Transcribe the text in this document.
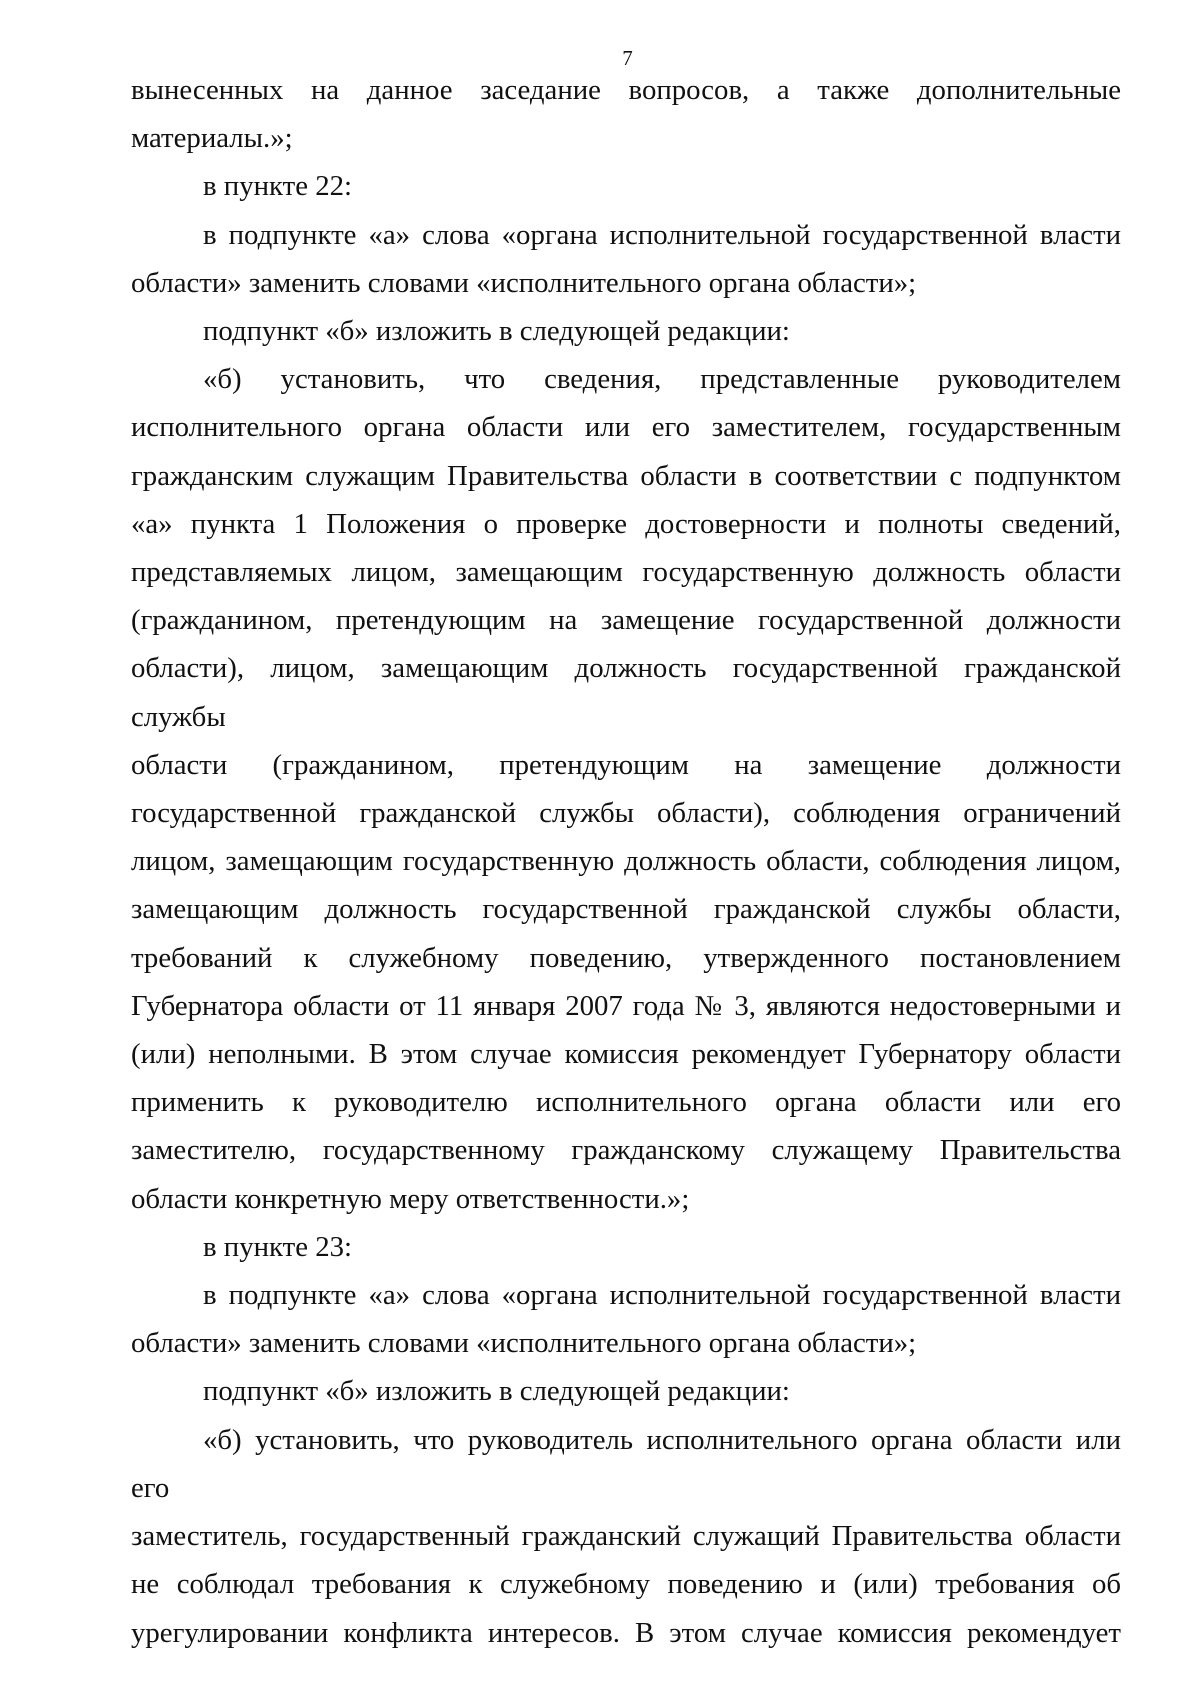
7

вынесенных на данное заседание вопросов, а также дополнительные

материалы.»;

в пункте 22:

в подпункте «а» слова «органа исполнительной государственной власти

области» заменить словами «исполнительного органа области»;

подпункт «б» изложить в следующей редакции:

«б) установить, что сведения, представленные руководителем

исполнительного органа области или его заместителем, государственным

гражданским служащим Правительства области в соответствии с подпунктом

«а» пункта 1 Положения о проверке достоверности и полноты сведений,

представляемых лицом, замещающим государственную должность области

(гражданином, претендующим на замещение государственной должности

области), лицом, замещающим должность государственной гражданской службы

области (гражданином, претендующим на замещение должности

государственной гражданской службы области), соблюдения ограничений

лицом, замещающим государственную должность области, соблюдения лицом,

замещающим должность государственной гражданской службы области,

требований к служебному поведению, утвержденного постановлением

Губернатора области от 11 января 2007 года № 3, являются недостоверными и

(или) неполными. В этом случае комиссия рекомендует Губернатору области

применить к руководителю исполнительного органа области или его

заместителю, государственному гражданскому служащему Правительства

области конкретную меру ответственности.»;

в пункте 23:

в подпункте «а» слова «органа исполнительной государственной власти

области» заменить словами «исполнительного органа области»;

подпункт «б» изложить в следующей редакции:

«б) установить, что руководитель исполнительного органа области или его

заместитель, государственный гражданский служащий Правительства области

не соблюдал требования к служебному поведению и (или) требования об

урегулировании конфликта интересов. В этом случае комиссия рекомендует
